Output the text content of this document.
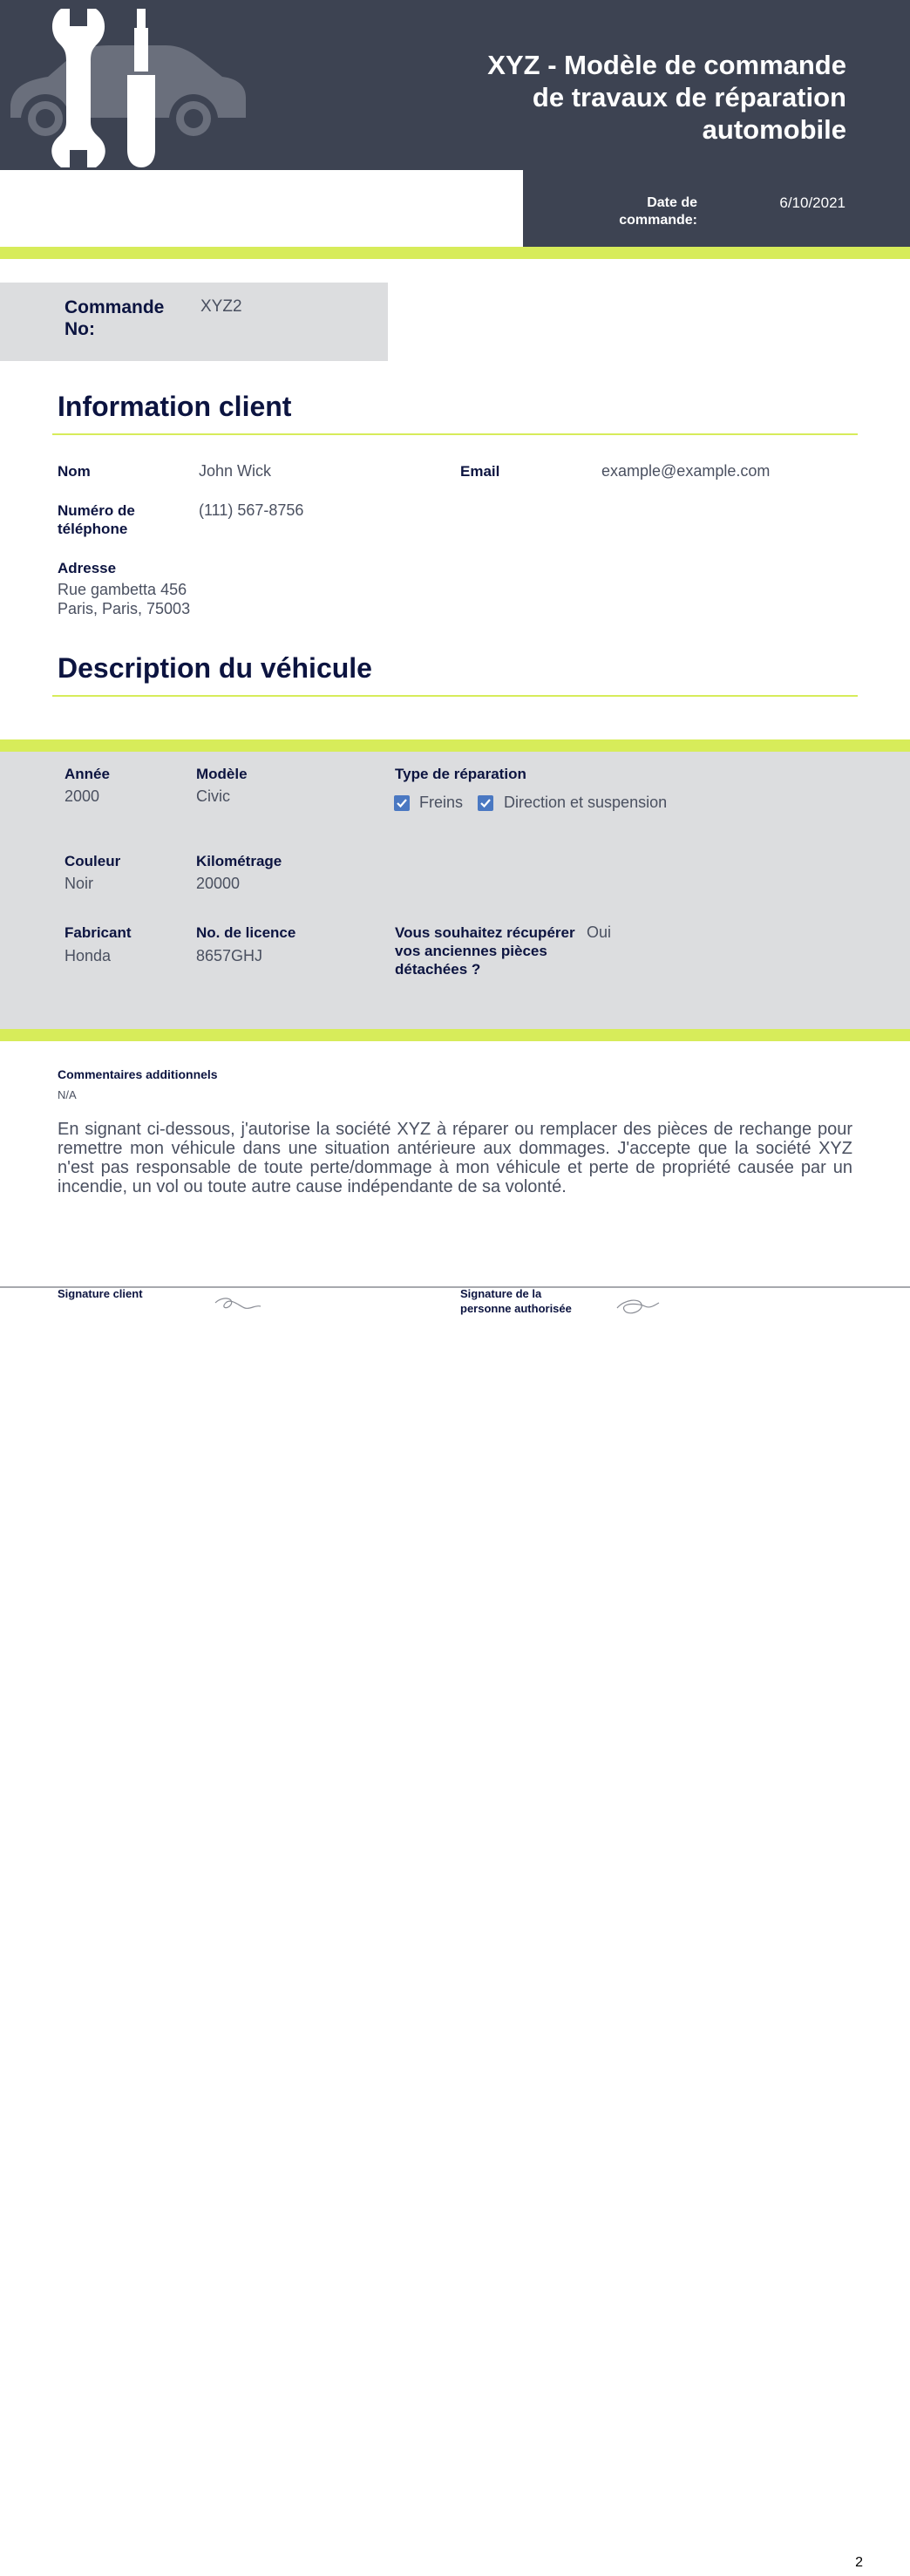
XYZ - Modèle de commande de travaux de réparation automobile
Date de commande:
6/10/2021
Commande No:
XYZ2
Information client
Nom	John Wick	Email	example@example.com
Numéro de téléphone
(111) 567-8756
Adresse
Rue gambetta 456
Paris, Paris, 75003
Description du véhicule
Année
2000
Modèle
Civic
Type de réparation
Freins	Direction et suspension
Couleur
Noir
Kilométrage
20000
Fabricant
Honda
No. de licence
8657GHJ
Vous souhaitez récupérer vos anciennes pièces détachées ?
Oui
Commentaires additionnels
N/A
En signant ci-dessous, j'autorise la société XYZ à réparer ou remplacer des pièces de rechange pour remettre mon véhicule dans une situation antérieure aux dommages. J'accepte que la société XYZ n'est pas responsable de toute perte/dommage à mon véhicule et perte de propriété causée par un incendie, un vol ou toute autre cause indépendante de sa volonté.
Signature client	Signature de la personne authorisée
2
